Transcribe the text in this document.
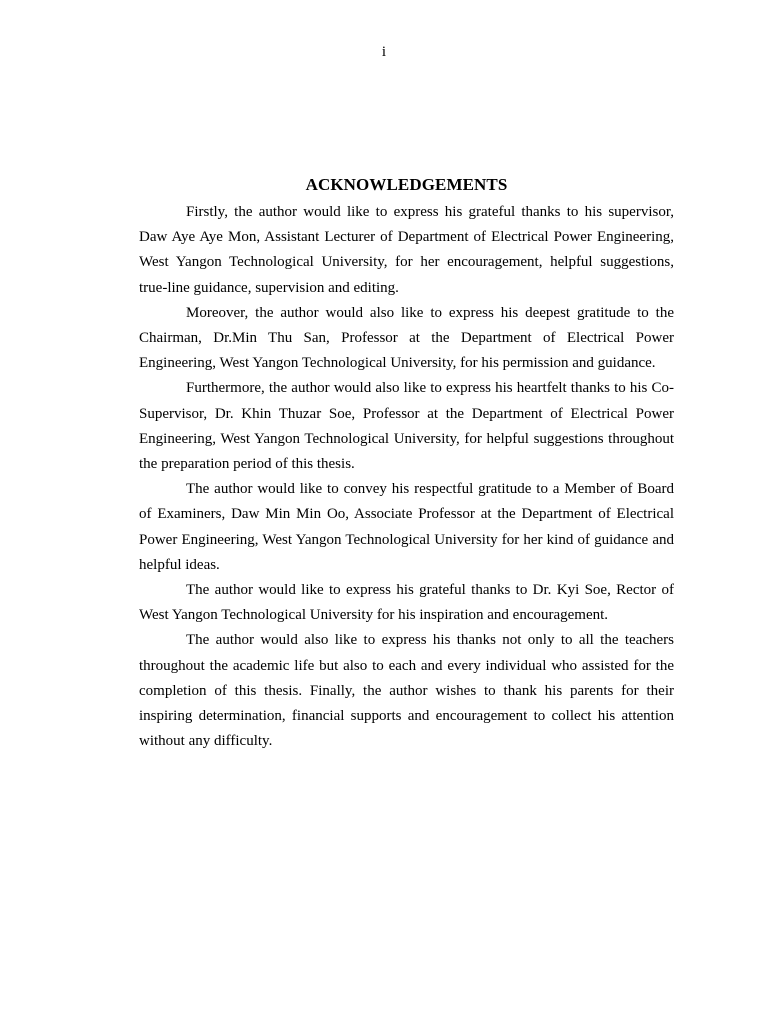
i
ACKNOWLEDGEMENTS

Firstly, the author would like to express his grateful thanks to his supervisor, Daw Aye Aye Mon, Assistant Lecturer of Department of Electrical Power Engineering, West Yangon Technological University, for her encouragement, helpful suggestions, true-line guidance, supervision and editing.

Moreover, the author would also like to express his deepest gratitude to the Chairman, Dr.Min Thu San, Professor at the Department of Electrical Power Engineering, West Yangon Technological University, for his permission and guidance.

Furthermore, the author would also like to express his heartfelt thanks to his Co- Supervisor, Dr. Khin Thuzar Soe, Professor at the Department of Electrical Power Engineering, West Yangon Technological University, for helpful suggestions throughout the preparation period of this thesis.

The author would like to convey his respectful gratitude to a Member of Board of Examiners, Daw Min Min Oo, Associate Professor at the Department of Electrical Power Engineering, West Yangon Technological University for her kind of guidance and helpful ideas.

The author would like to express his grateful thanks to Dr. Kyi Soe, Rector of West Yangon Technological University for his inspiration and encouragement.

The author would also like to express his thanks not only to all the teachers throughout the academic life but also to each and every individual who assisted for the completion of this thesis. Finally, the author wishes to thank his parents for their inspiring determination, financial supports and encouragement to collect his attention without any difficulty.
